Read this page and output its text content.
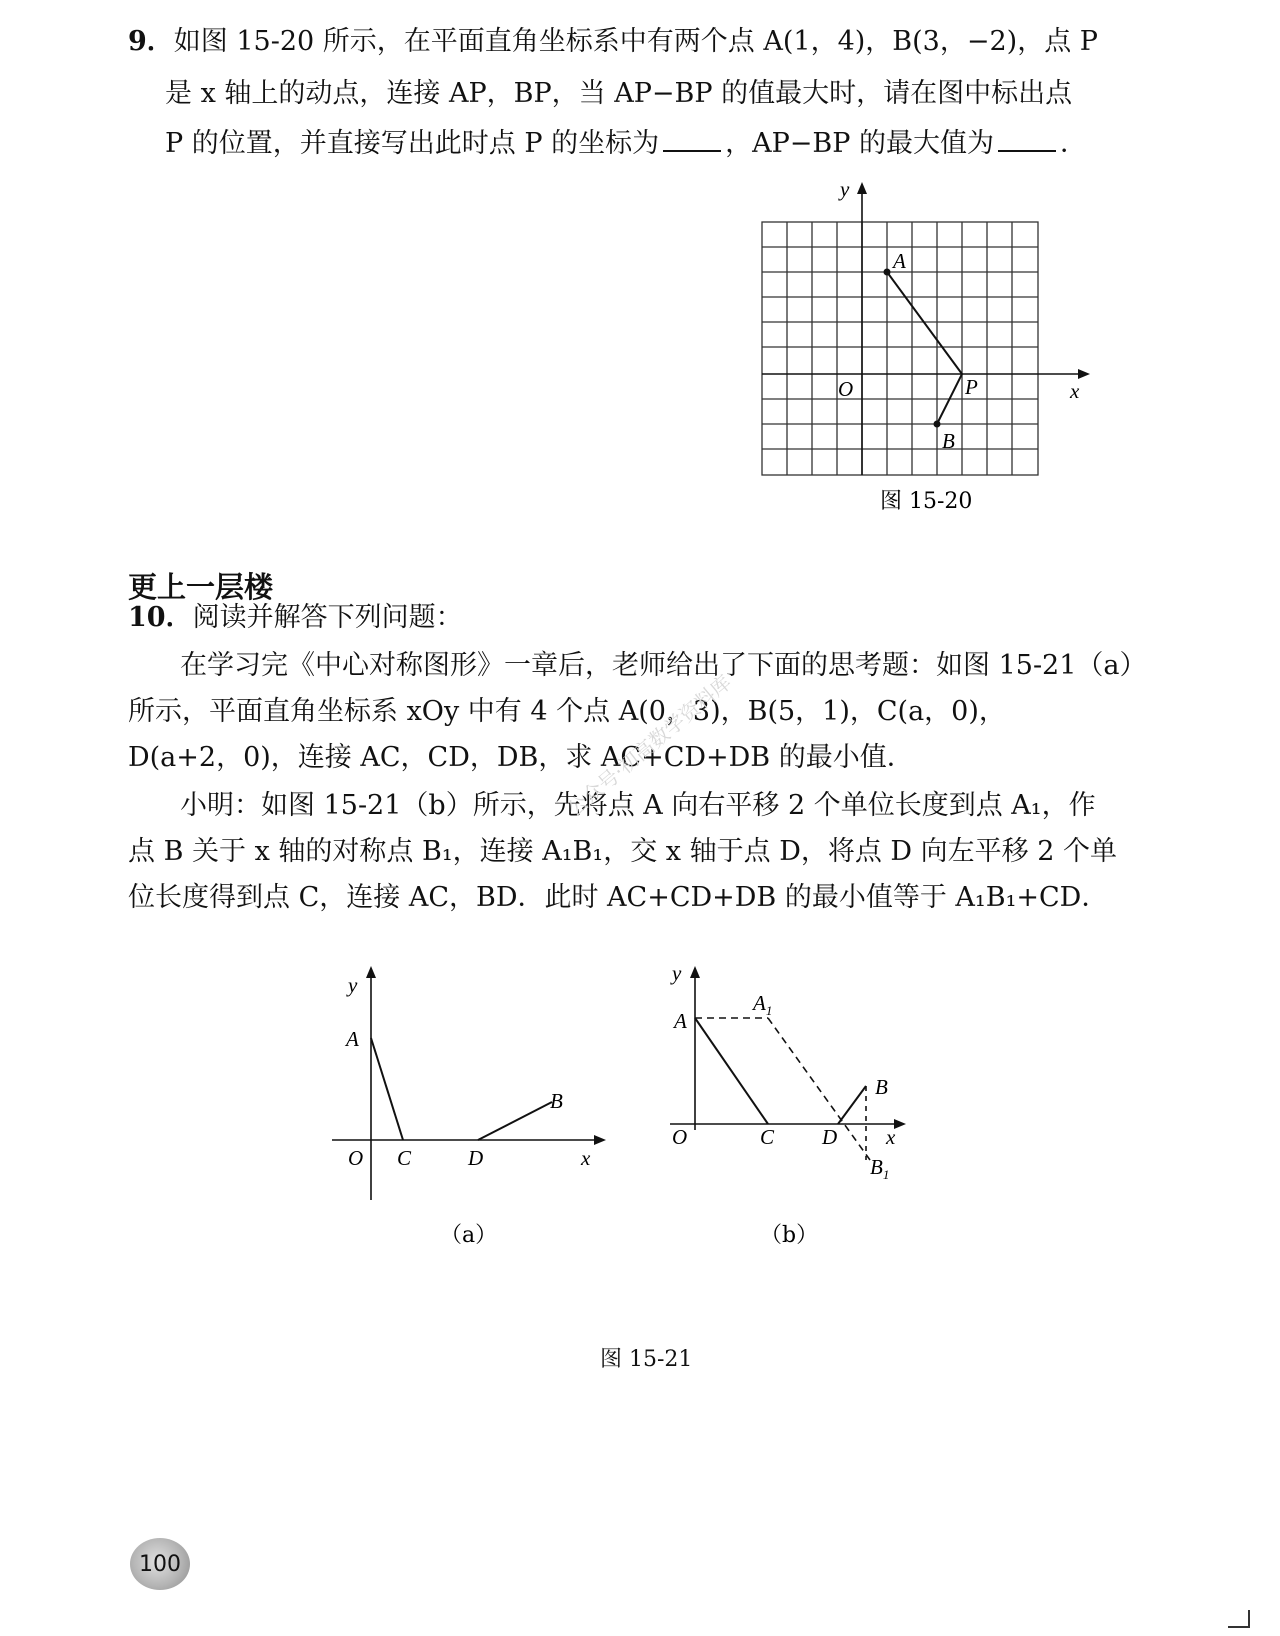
9．如图 15-20 所示，在平面直角坐标系中有两个点 A(1，4)，B(3，−2)，点 P

是 x 轴上的动点，连接 AP，BP，当 AP−BP 的值最大时，请在图中标出点

P 的位置，并直接写出此时点 P 的坐标为 ，AP−BP 的最大值为 ．

y
x
O
A
B
P
图 15-20
更上一层楼

10．阅读并解答下列问题：

在学习完《中心对称图形》一章后，老师给出了下面的思考题：如图 15-21（a）

所示，平面直角坐标系 xOy 中有 4 个点 A(0，3)，B(5，1)，C(a，0)，

D(a+2，0)，连接 AC，CD，DB，求 AC+CD+DB 的最小值．

小明：如图 15-21（b）所示，先将点 A 向右平移 2 个单位长度到点 A₁，作

点 B 关于 x 轴的对称点 B₁，连接 A₁B₁，交 x 轴于点 D，将点 D 向左平移 2 个单

位长度得到点 C，连接 AC，BD．此时 AC+CD+DB 的最小值等于 A₁B₁+CD．

公众号·初高数学资料库
y
A
B
O C	D	x
（a）
y
A
$A_1$
B
O	C D x
$B_1$
（b）
图 15-21
100
